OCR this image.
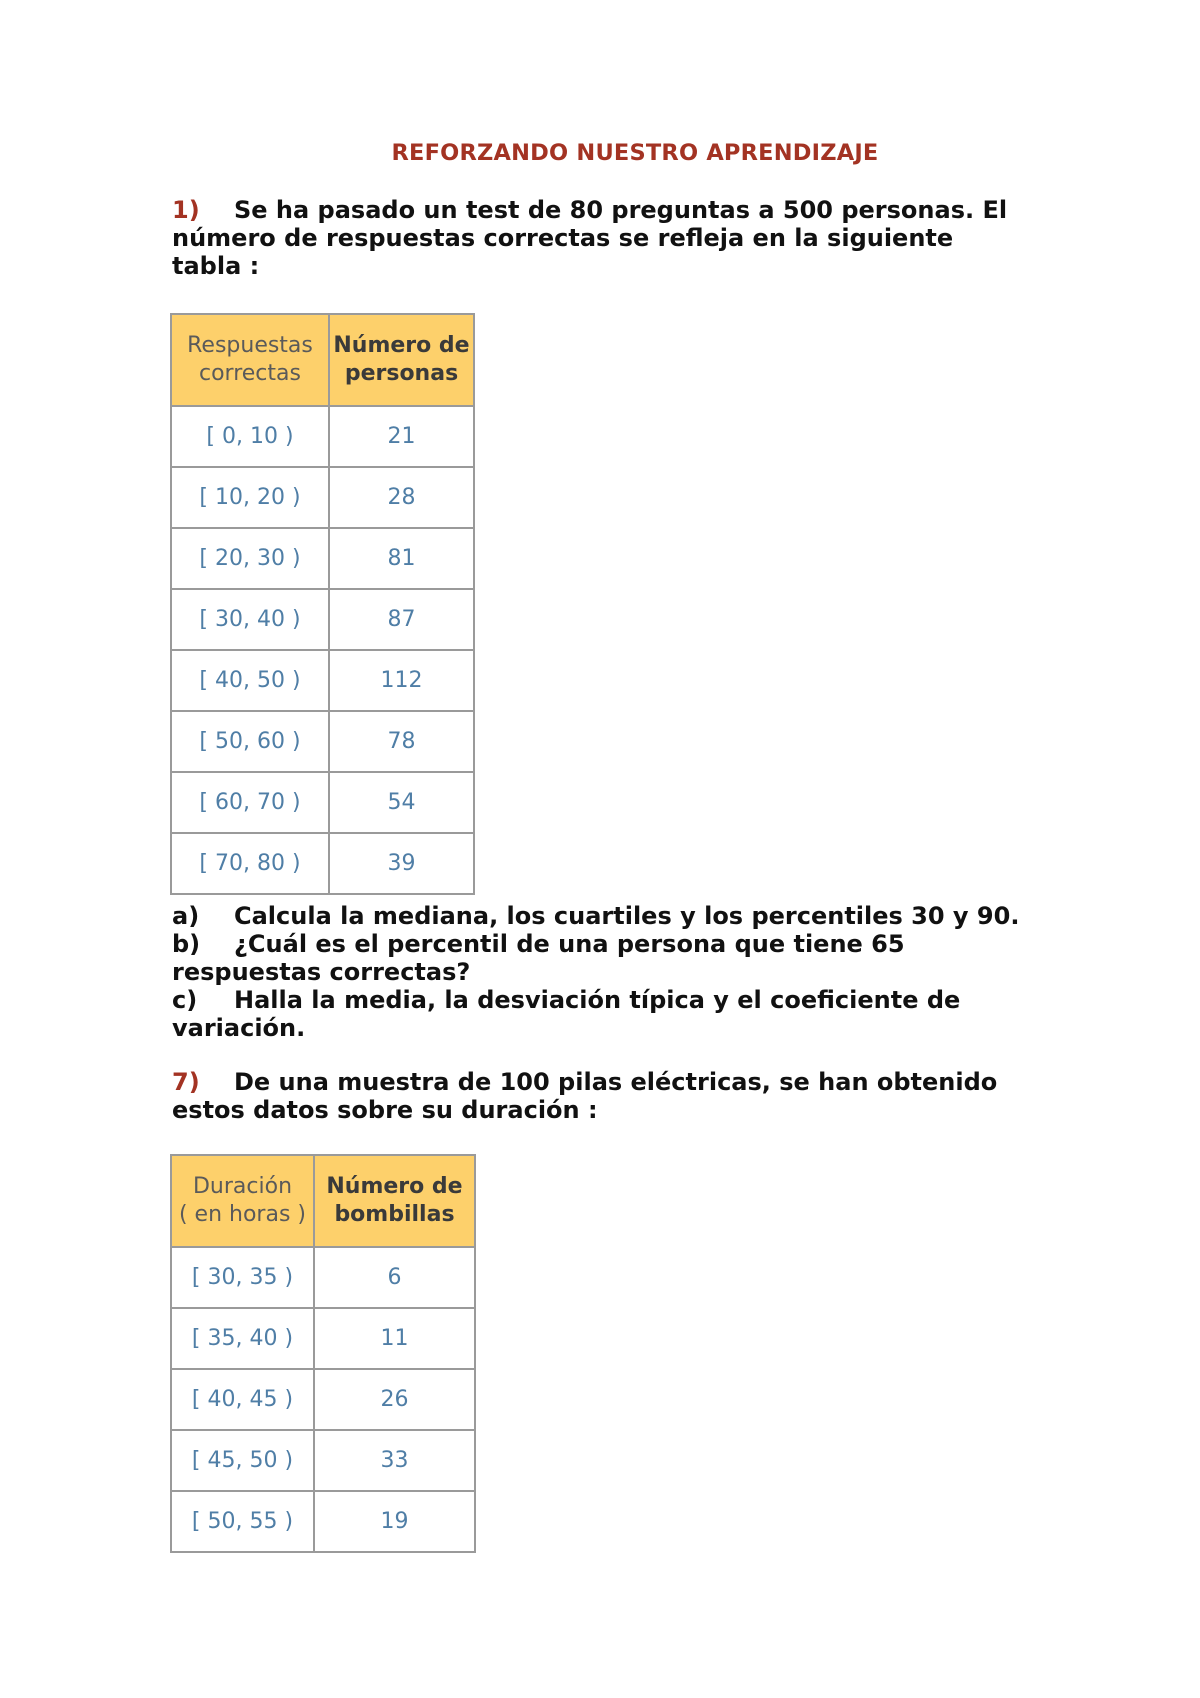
REFORZANDO NUESTRO APRENDIZAJE

1) Se ha pasado un test de 80 preguntas a 500 personas. El
número de respuestas correctas se refleja en la siguiente
tabla :

Respuestas
correctas	Número de
personas
[ 0, 10 )	21
[ 10, 20 )	28
[ 20, 30 )	81
[ 30, 40 )	87
[ 40, 50 )	112
[ 50, 60 )	78
[ 60, 70 )	54
[ 70, 80 )	39

a) Calcula la mediana, los cuartiles y los percentiles 30 y 90.
b) ¿Cuál es el percentil de una persona que tiene 65
respuestas correctas?
c) Halla la media, la desviación típica y el coeficiente de
variación.

7) De una muestra de 100 pilas eléctricas, se han obtenido
estos datos sobre su duración :

Duración
( en horas )	Número de
bombillas
[ 30, 35 )	6
[ 35, 40 )	11
[ 40, 45 )	26
[ 45, 50 )	33
[ 50, 55 )	19
